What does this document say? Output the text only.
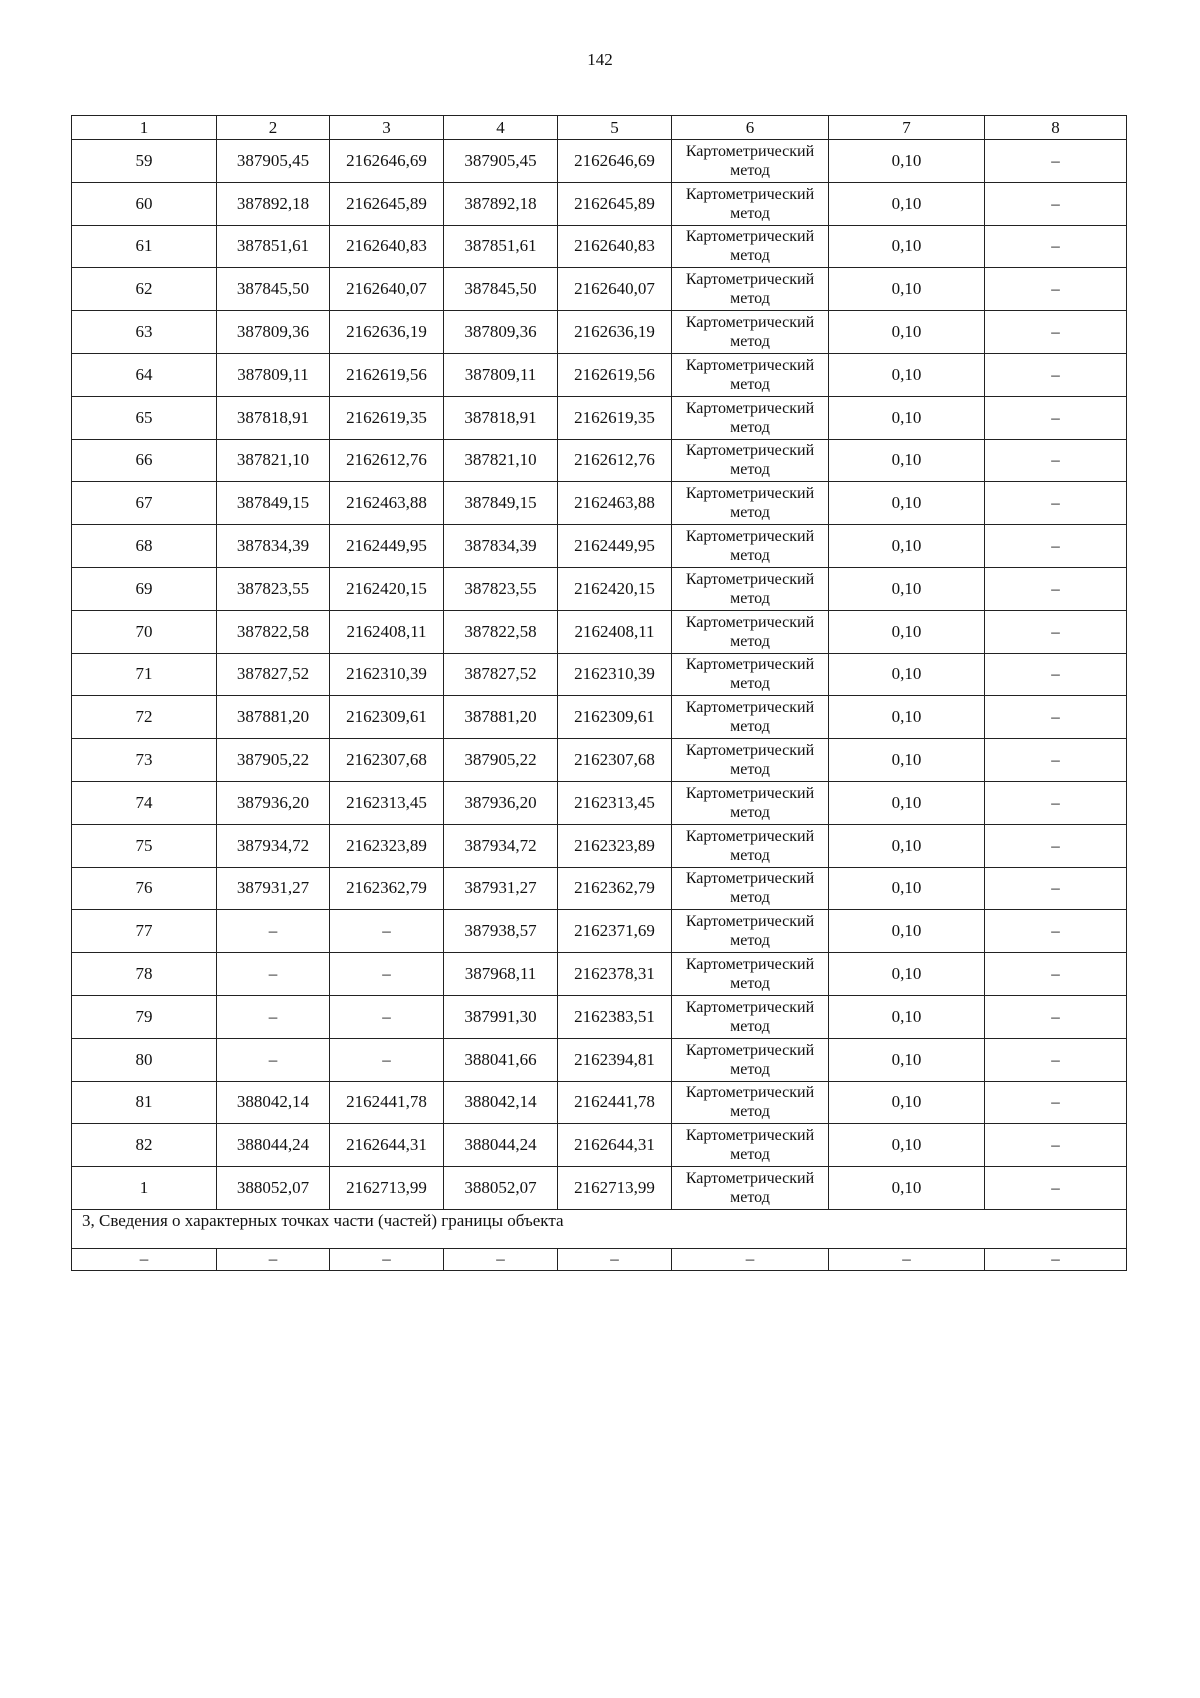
142
1	2	3	4	5	6	7	8
59	387905,45	2162646,69	387905,45	2162646,69	Картометрический метод	0,10	–
60	387892,18	2162645,89	387892,18	2162645,89	Картометрический метод	0,10	–
61	387851,61	2162640,83	387851,61	2162640,83	Картометрический метод	0,10	–
62	387845,50	2162640,07	387845,50	2162640,07	Картометрический метод	0,10	–
63	387809,36	2162636,19	387809,36	2162636,19	Картометрический метод	0,10	–
64	387809,11	2162619,56	387809,11	2162619,56	Картометрический метод	0,10	–
65	387818,91	2162619,35	387818,91	2162619,35	Картометрический метод	0,10	–
66	387821,10	2162612,76	387821,10	2162612,76	Картометрический метод	0,10	–
67	387849,15	2162463,88	387849,15	2162463,88	Картометрический метод	0,10	–
68	387834,39	2162449,95	387834,39	2162449,95	Картометрический метод	0,10	–
69	387823,55	2162420,15	387823,55	2162420,15	Картометрический метод	0,10	–
70	387822,58	2162408,11	387822,58	2162408,11	Картометрический метод	0,10	–
71	387827,52	2162310,39	387827,52	2162310,39	Картометрический метод	0,10	–
72	387881,20	2162309,61	387881,20	2162309,61	Картометрический метод	0,10	–
73	387905,22	2162307,68	387905,22	2162307,68	Картометрический метод	0,10	–
74	387936,20	2162313,45	387936,20	2162313,45	Картометрический метод	0,10	–
75	387934,72	2162323,89	387934,72	2162323,89	Картометрический метод	0,10	–
76	387931,27	2162362,79	387931,27	2162362,79	Картометрический метод	0,10	–
77	–	–	387938,57	2162371,69	Картометрический метод	0,10	–
78	–	–	387968,11	2162378,31	Картометрический метод	0,10	–
79	–	–	387991,30	2162383,51	Картометрический метод	0,10	–
80	–	–	388041,66	2162394,81	Картометрический метод	0,10	–
81	388042,14	2162441,78	388042,14	2162441,78	Картометрический метод	0,10	–
82	388044,24	2162644,31	388044,24	2162644,31	Картометрический метод	0,10	–
1	388052,07	2162713,99	388052,07	2162713,99	Картометрический метод	0,10	–
3, Сведения о характерных точках части (частей) границы объекта							
–	–	–	–	–	–	–	–
